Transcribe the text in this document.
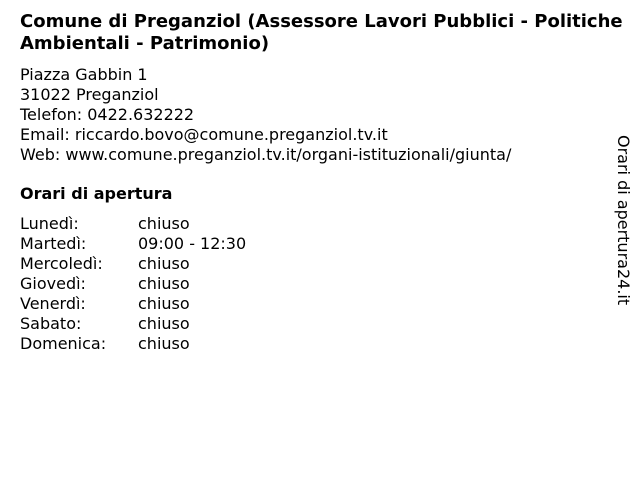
Comune di Preganziol (Assessore Lavori Pubblici - Politiche Ambientali - Patrimonio)
Piazza Gabbin 1
31022 Preganziol
Telefon: 0422.632222
Email: riccardo.bovo@comune.preganziol.tv.it
Web: www.comune.preganziol.tv.it/organi-istituzionali/giunta/
Orari di apertura
Lunedì:	chiuso
Martedì:	09:00 - 12:30
Mercoledì:	chiuso
Giovedì:	chiuso
Venerdì:	chiuso
Sabato:	chiuso
Domenica:	chiuso
Orari di apertura24.it
